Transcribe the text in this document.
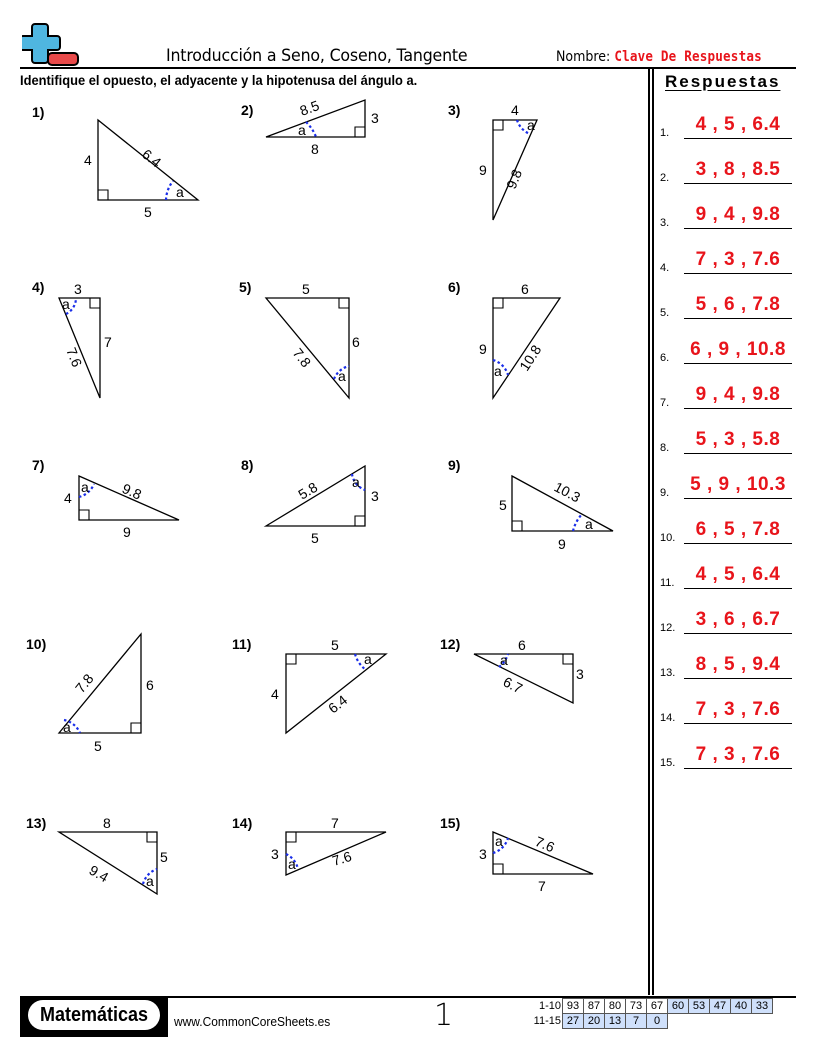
Introducción a Seno, Coseno, Tangente	Nombre: Clave De Respuestas
Identifique el opuesto, el adyacente y la hipotenusa del ángulo a.
1)
a
4
5
6.4
2)
a
3
8
8.5	3)
a
4
9 9.8
4)
a
3
7
7.6
5)
a
5
6
7.8
6)
a
6
9 10.8
7)
a
4
9
9.8
8)
a
3
5
5.8
9)
a
5
9
10.3
10)
a
6
5
7.8
11)
a
5
4	6.4
12)
a
6
3
6.7
13)
a
8
5
9.4
14)
a
7
3	7.6
15)
a
3
7
7.6
Respuestas
1.	4 , 5 , 6.4
2.	3 , 8 , 8.5
3.	9 , 4 , 9.8
4.	7 , 3 , 7.6
5.	5 , 6 , 7.8
6.	6 , 9 , 10.8
7.	9 , 4 , 9.8
8.	5 , 3 , 5.8
9.	5 , 9 , 10.3
10.	6 , 5 , 7.8
11.	4 , 5 , 6.4
12.	3 , 6 , 6.7
13.	8 , 5 , 9.4
14.	7 , 3 , 7.6
15.	7 , 3 , 7.6
Matemáticas www.CommonCoreSheets.es	1	1-10	93	87	80	73	67	60	53	47	40	33
11-15	27	20	13	7	0					
